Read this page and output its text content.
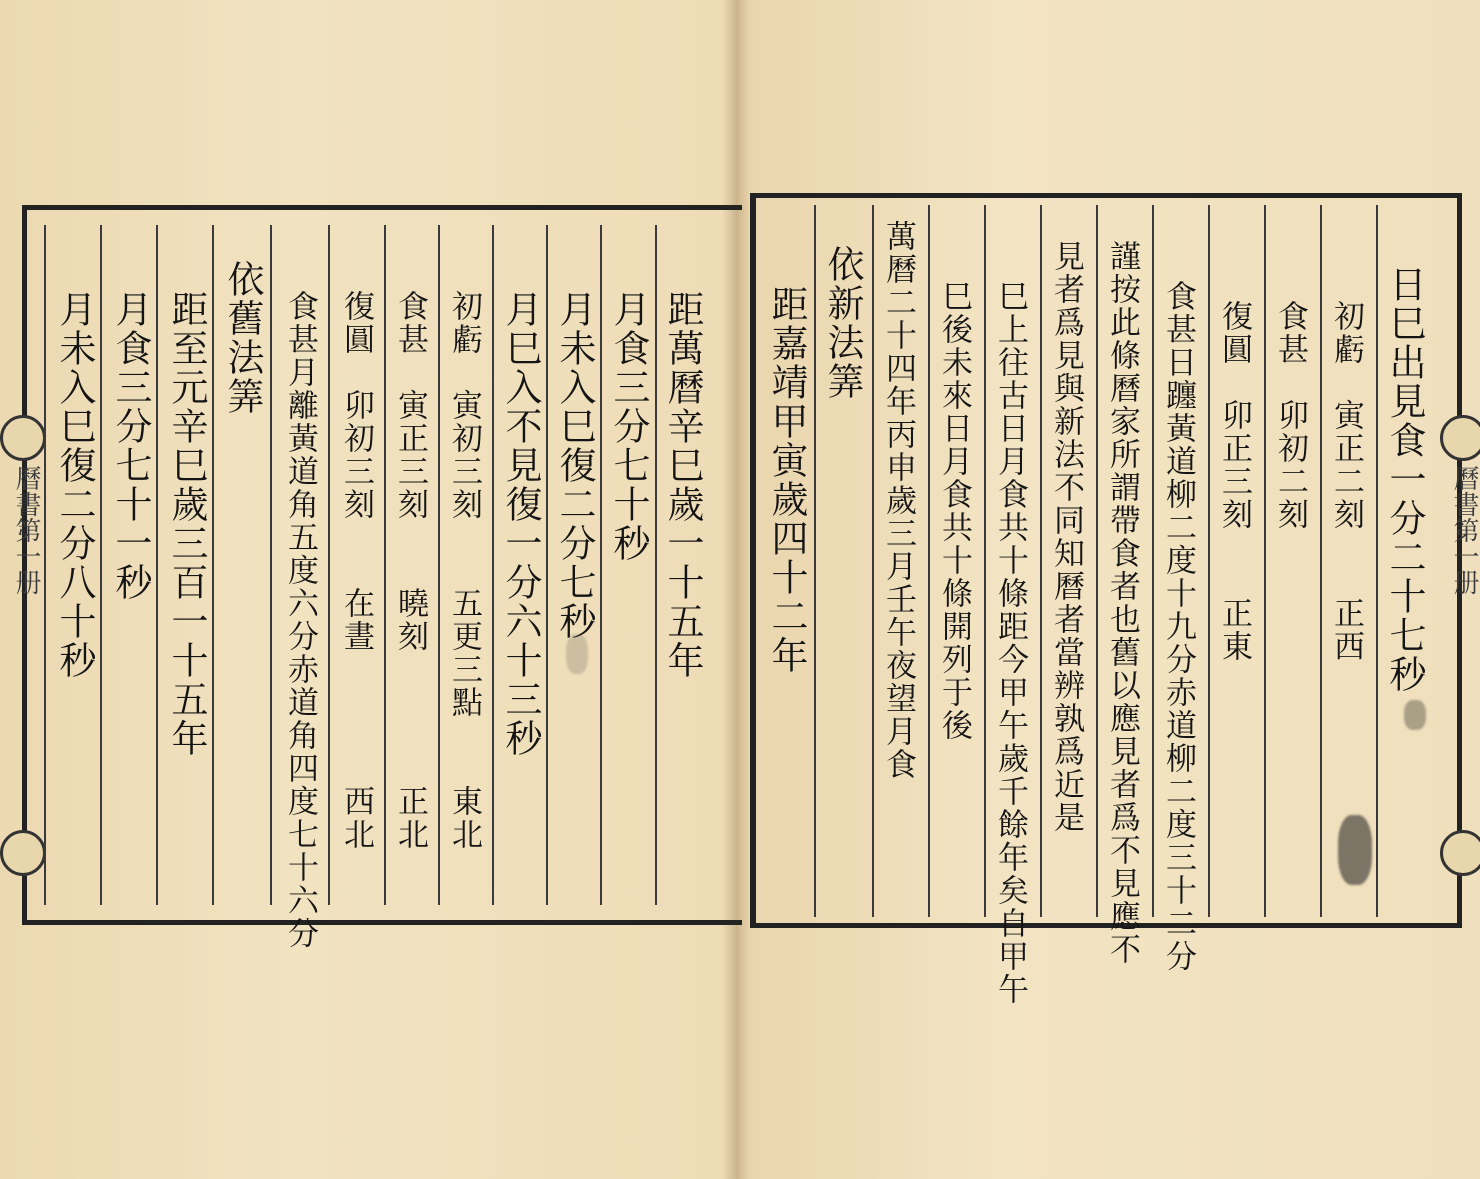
曆書第一册	曆書第一册
距萬曆辛巳歲一十五年
月食三分七十秒
月未入巳復二分七秒
月巳入不見復一分六十三秒
初虧　寅初三刻　　五更三點　　東北
食甚　寅正三刻　　曉刻　　　　正北
復圓　卯初三刻　　在晝　　　　西北
食甚月離黃道角五度六分赤道角四度七十六分
依舊法筭
距至元辛巳歲三百一十五年
月食三分七十一秒
月未入巳復二分八十秒	日巳出見食一分二十七秒
初虧　寅正二刻　　正西
食甚　卯初二刻
復圓　卯正三刻　　正東
食甚日躔黃道柳二度十九分赤道柳二度三十二分
謹按此條曆家所謂帶食者也舊以應見者爲不見應不
見者爲見與新法不同知曆者當辨孰爲近是
巳上往古日月食共十條距今甲午歲千餘年矣自甲午
巳後未來日月食共十條開列于後
萬曆二十四年丙申歲三月壬午夜望月食
依新法筭
距嘉靖甲寅歲四十二年
